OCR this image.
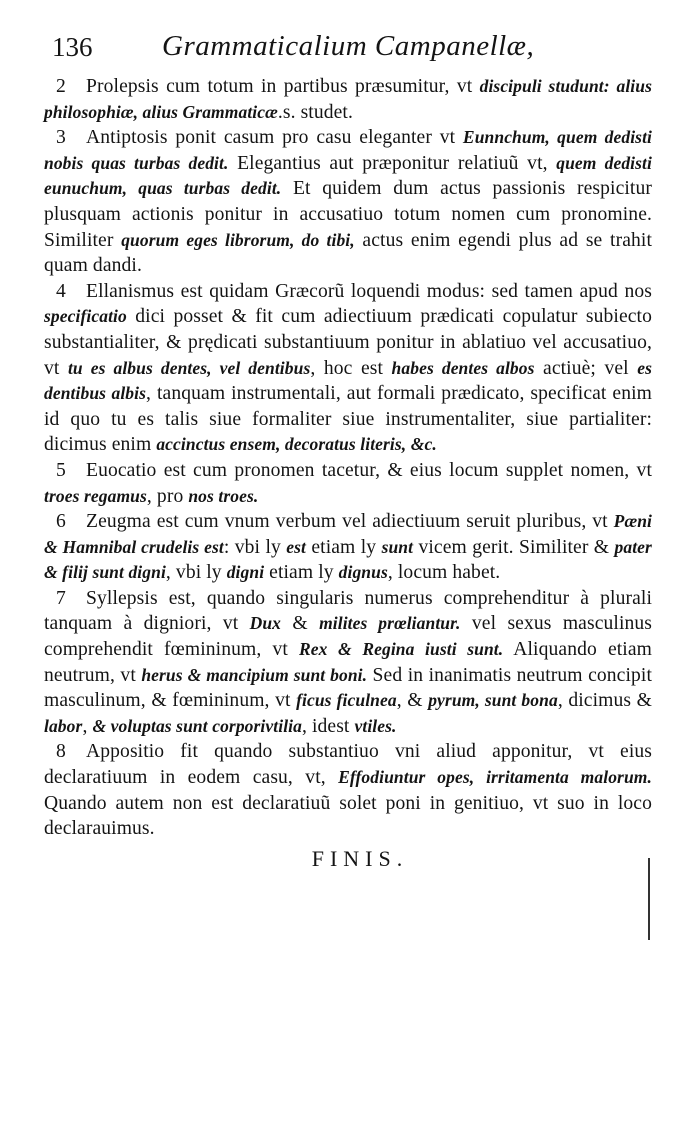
136 Grammaticalium Campanellæ,

2 Prolepsis cum totum in partibus præsumitur, vt discipuli studunt: alius philosophiæ, alius Grammaticæ.s. studet.

3 Antiptosis ponit casum pro casu eleganter vt Eunnchum, quem dedisti nobis quas turbas dedit. Elegantius aut præponitur relatiuũ vt, quem dedisti eunuchum, quas turbas dedit. Et quidem dum actus passionis respicitur plusquam actionis ponitur in accusatiuo totum nomen cum pronomine. Similiter quorum eges librorum, do tibi, actus enim egendi plus ad se trahit quam dandi.

4 Ellanismus est quidam Græcorũ loquendi modus: sed tamen apud nos specificatio dici posset & fit cum adiectiuum prædicati copulatur subiecto substantialiter, & prędicati substantiuum ponitur in ablatiuo vel accusatiuo, vt tu es albus dentes, vel dentibus, hoc est habes dentes albos actiuè; vel es dentibus albis, tanquam instrumentali, aut formali prædicato, specificat enim id quo tu es talis siue formaliter siue instrumentaliter, siue partialiter: dicimus enim accinctus ensem, decoratus literis, &c.

5 Euocatio est cum pronomen tacetur, & eius locum supplet nomen, vt troes regamus, pro nos troes.

6 Zeugma est cum vnum verbum vel adiectiuum seruit pluribus, vt Pæni & Hamnibal crudelis est: vbi ly est etiam ly sunt vicem gerit. Similiter & pater & filij sunt digni, vbi ly digni etiam ly dignus, locum habet.

7 Syllepsis est, quando singularis numerus comprehenditur à plurali tanquam à digniori, vt Dux & milites prœliantur. vel sexus masculinus comprehendit fœmininum, vt Rex & Regina iusti sunt. Aliquando etiam neutrum, vt herus & mancipium sunt boni. Sed in inanimatis neutrum concipit masculinum, & fœmininum, vt ficus ficulnea, & pyrum, sunt bona, dicimus & labor, & voluptas sunt corporivtilia, idest vtiles.

8 Appositio fit quando substantiuo vni aliud apponitur, vt eius declaratiuum in eodem casu, vt, Effodiuntur opes, irritamenta malorum. Quando autem non est declaratiuũ solet poni in genitiuo, vt suo in loco declarauimus.

FINIS.
